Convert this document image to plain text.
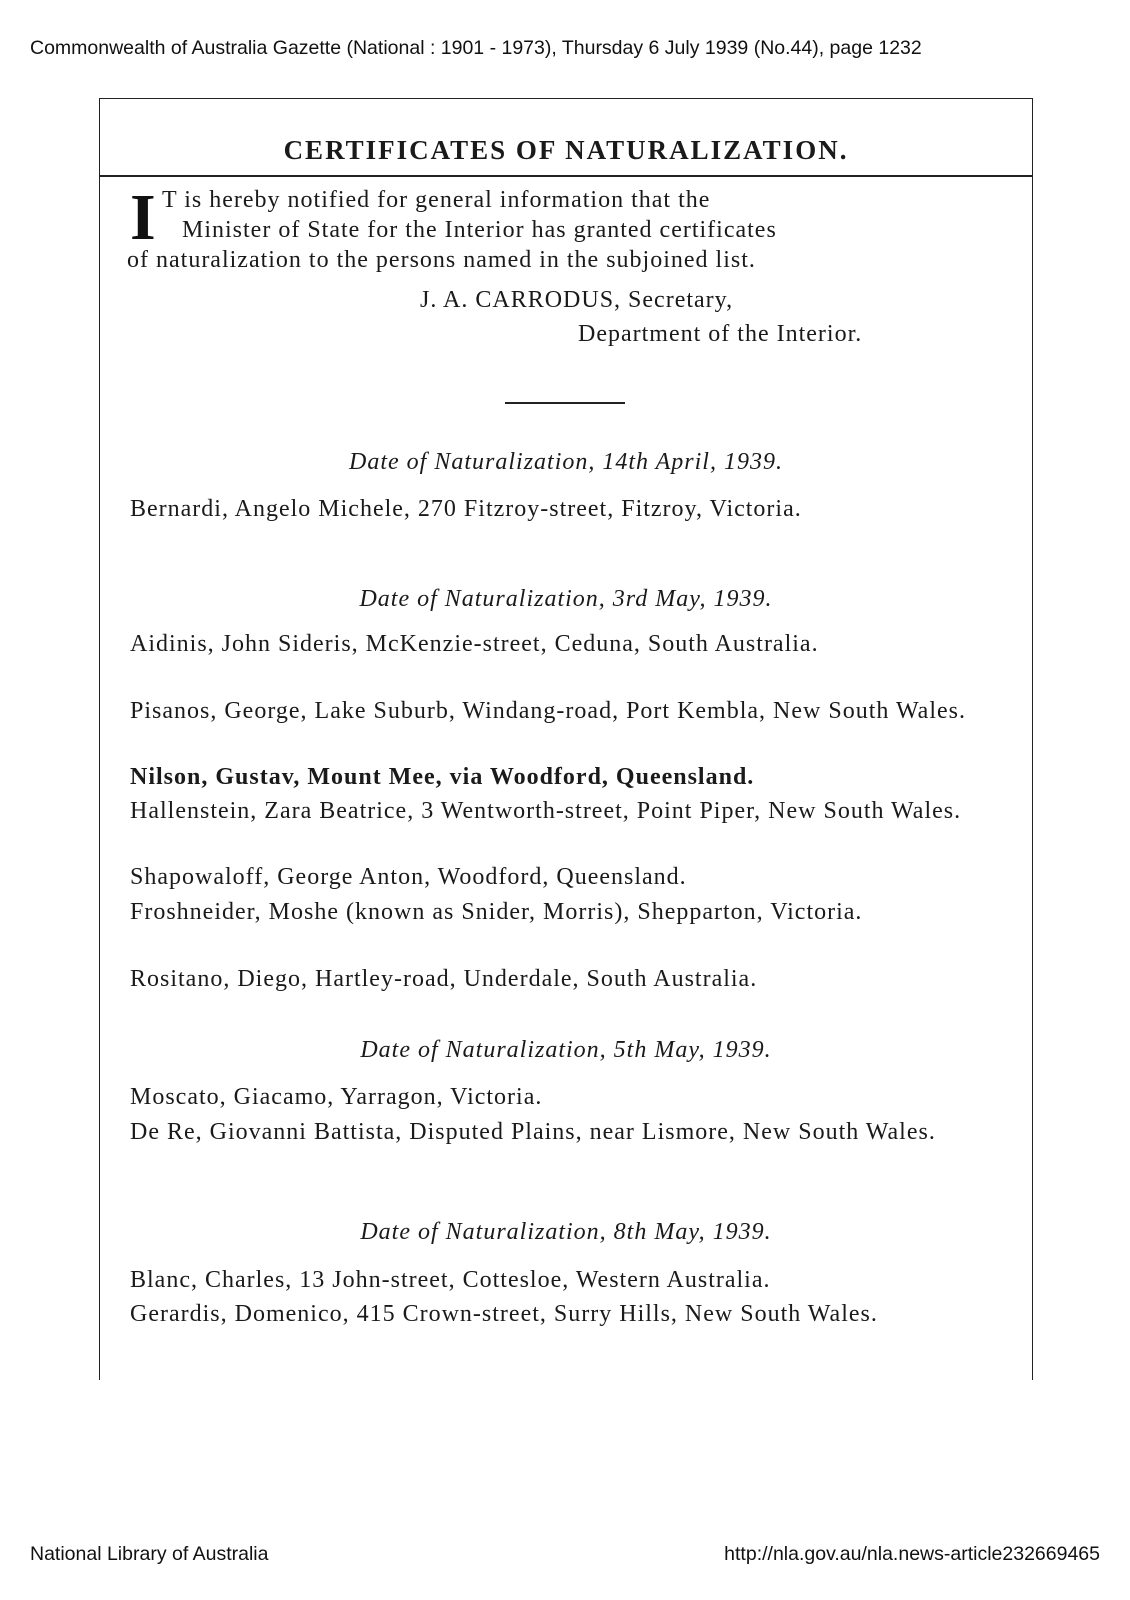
Commonwealth of Australia Gazette (National : 1901 - 1973), Thursday 6 July 1939 (No.44), page 1232
CERTIFICATES OF NATURALIZATION.
I T is hereby notified for general information that the
Minister of State for the Interior has granted certificates
of naturalization to the persons named in the subjoined list.
J. A. CARRODUS, Secretary,
Department of the Interior.
Date of Naturalization, 14th April, 1939.
Bernardi, Angelo Michele, 270 Fitzroy-street, Fitzroy, Victoria.
Date of Naturalization, 3rd May, 1939.
Aidinis, John Sideris, McKenzie-street, Ceduna, South Australia.
Pisanos, George, Lake Suburb, Windang-road, Port Kembla, New South Wales.
Nilson, Gustav, Mount Mee, via Woodford, Queensland.
Hallenstein, Zara Beatrice, 3 Wentworth-street, Point Piper, New South Wales.
Shapowaloff, George Anton, Woodford, Queensland.
Froshneider, Moshe (known as Snider, Morris), Shepparton, Victoria.
Rositano, Diego, Hartley-road, Underdale, South Australia.
Date of Naturalization, 5th May, 1939.
Moscato, Giacamo, Yarragon, Victoria.
De Re, Giovanni Battista, Disputed Plains, near Lismore, New South Wales.
Date of Naturalization, 8th May, 1939.
Blanc, Charles, 13 John-street, Cottesloe, Western Australia.
Gerardis, Domenico, 415 Crown-street, Surry Hills, New South Wales.
National Library of Australia	http://nla.gov.au/nla.news-article232669465
